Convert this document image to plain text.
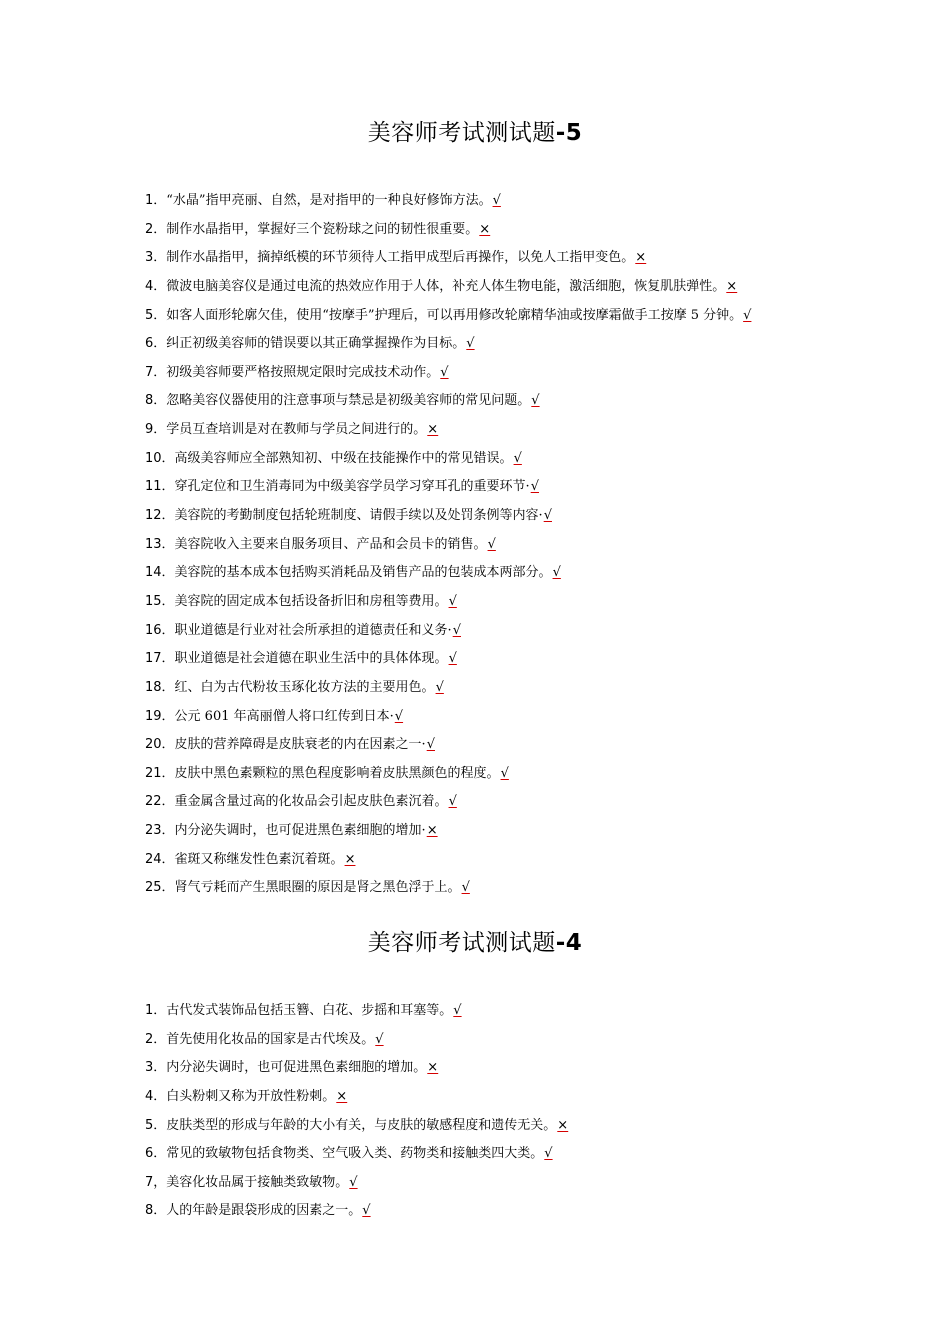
美容师考试测试题-5
1．“水晶”指甲亮丽、自然，是对指甲的一种良好修饰方法。√
2．制作水晶指甲，掌握好三个瓷粉球之问的韧性很重要。×
3．制作水晶指甲，摘掉纸模的环节须待人工指甲成型后再操作，以免人工指甲变色。×
4．微波电脑美容仪是通过电流的热效应作用于人体，补充人体生物电能，激活细胞，恢复肌肤弹性。×
5．如客人面形轮廓欠佳，使用“按摩手”护理后，可以再用修改轮廓精华油或按摩霜做手工按摩 5 分钟。√
6．纠正初级美容师的错误要以其正确掌握操作为目标。√
7．初级美容师要严格按照规定限时完成技术动作。√
8．忽略美容仪器使用的注意事项与禁忌是初级美容师的常见问题。√
9．学员互查培训是对在教师与学员之间进行的。×
10．高级美容师应全部熟知初、中级在技能操作中的常见错误。√
11．穿孔定位和卫生消毒同为中级美容学员学习穿耳孔的重要环节·√
12．美容院的考勤制度包括轮班制度、请假手续以及处罚条例等内容·√
13．美容院收入主要来自服务项目、产品和会员卡的销售。√
14．美容院的基本成本包括购买消耗品及销售产品的包装成本两部分。√
15．美容院的固定成本包括设备折旧和房租等费用。√
16．职业道德是行业对社会所承担的道德责任和义务·√
17．职业道德是社会道德在职业生活中的具体体现。√
18．红、白为古代粉妆玉琢化妆方法的主要用色。√
19．公元 601 年高丽僧人将口红传到日本·√
20．皮肤的营养障碍是皮肤衰老的内在因素之一·√
21．皮肤中黑色素颗粒的黑色程度影响着皮肤黑颜色的程度。√
22．重金属含量过高的化妆品会引起皮肤色素沉着。√
23．内分泌失调时，也可促进黑色素细胞的增加·×
24．雀斑又称继发性色素沉着斑。×
25．肾气亏耗而产生黑眼圈的原因是肾之黑色浮于上。√
美容师考试测试题-4
1．古代发式装饰品包括玉簪、白花、步摇和耳塞等。√
2．首先使用化妆品的国家是古代埃及。√
3．内分泌失调时，也可促进黑色素细胞的增加。×
4．白头粉刺又称为开放性粉刺。×
5．皮肤类型的形成与年龄的大小有关，与皮肤的敏感程度和遗传无关。×
6．常见的致敏物包括食物类、空气吸入类、药物类和接触类四大类。√
7，美容化妆品属于接触类致敏物。√
8．人的年龄是跟袋形成的因素之一。√
